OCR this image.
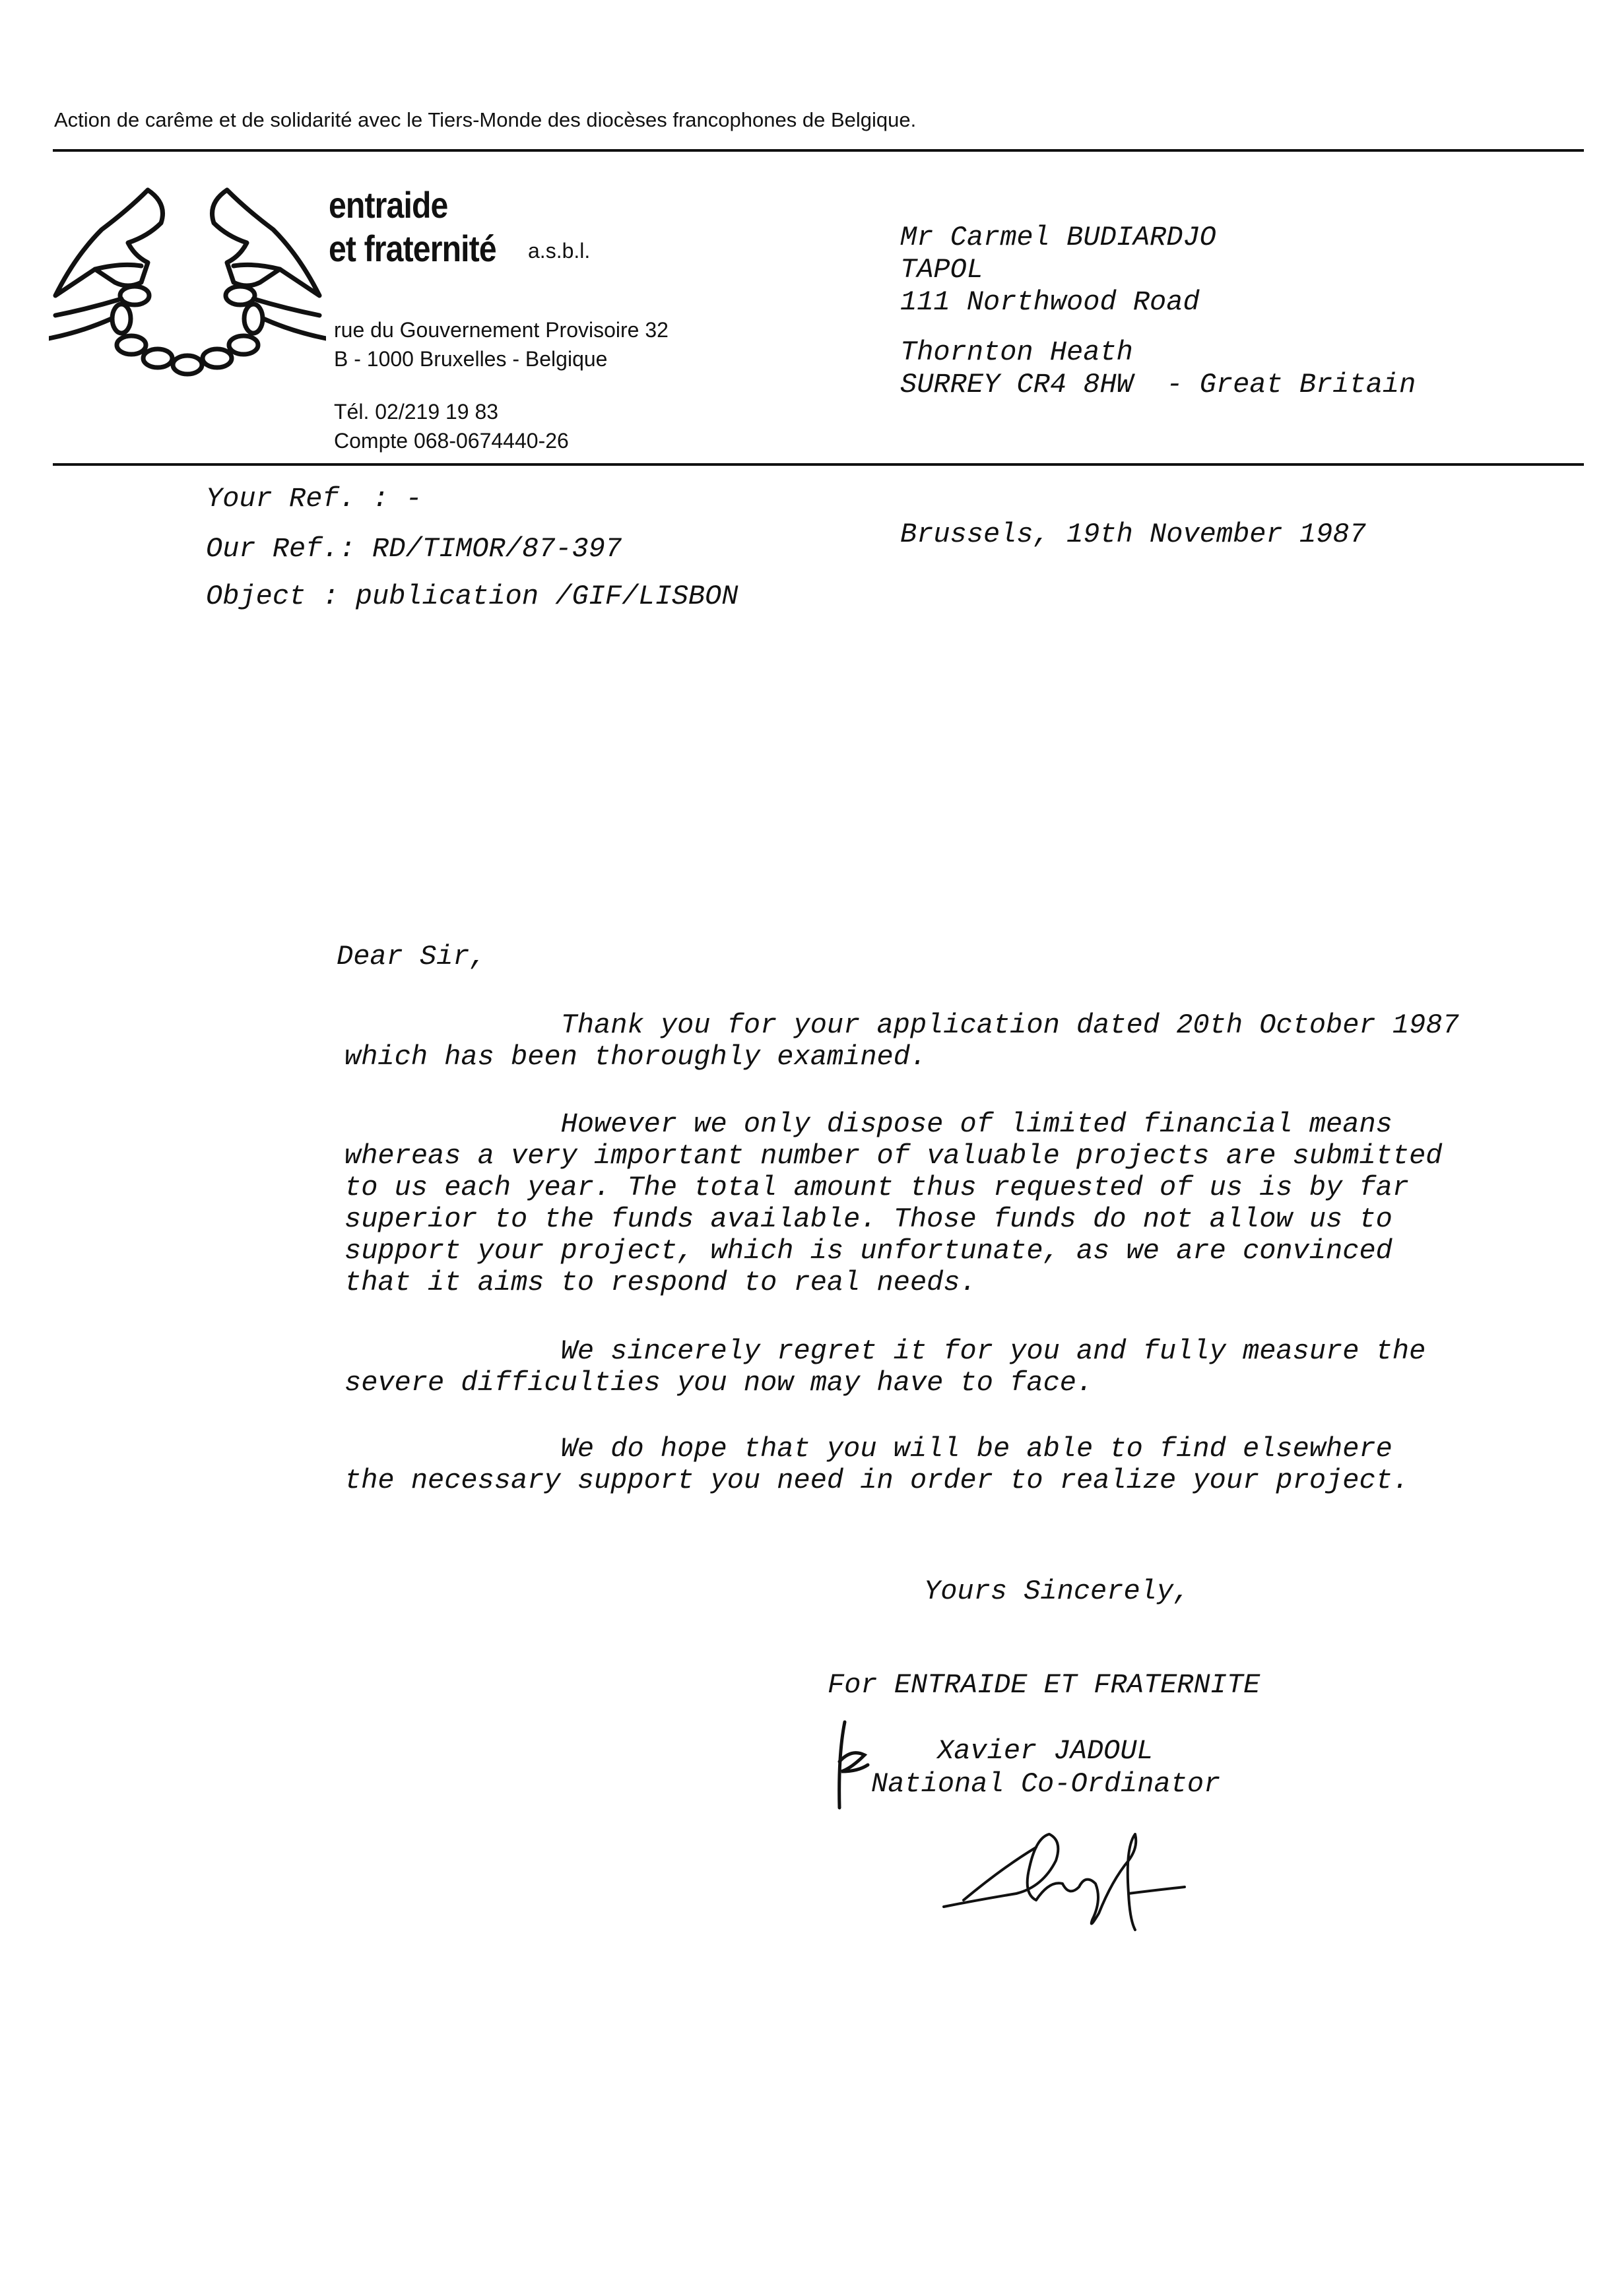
Action de carême et de solidarité avec le Tiers-Monde des diocèses francophones de Belgique.
entraide
et fraternité a.s.b.l.
rue du Gouvernement Provisoire 32
B - 1000 Bruxelles - Belgique
Tél. 02/219 19 83
Compte 068-0674440-26
Mr Carmel BUDIARDJO
TAPOL
111 Northwood Road
Thornton Heath
SURREY CR4 8HW  - Great Britain
Your Ref. : -
Our Ref.: RD/TIMOR/87-397
Object : publication /GIF/LISBON
Brussels, 19th November 1987
Dear Sir,
Thank you for your application dated 20th October 1987
which has been thoroughly examined.
However we only dispose of limited financial means
whereas a very important number of valuable projects are submitted
to us each year. The total amount thus requested of us is by far
superior to the funds available. Those funds do not allow us to
support your project, which is unfortunate, as we are convinced
that it aims to respond to real needs.
We sincerely regret it for you and fully measure the
severe difficulties you now may have to face.
We do hope that you will be able to find elsewhere
the necessary support you need in order to realize your project.
Yours Sincerely,
For ENTRAIDE ET FRATERNITE
Xavier JADOUL
National Co-Ordinator
